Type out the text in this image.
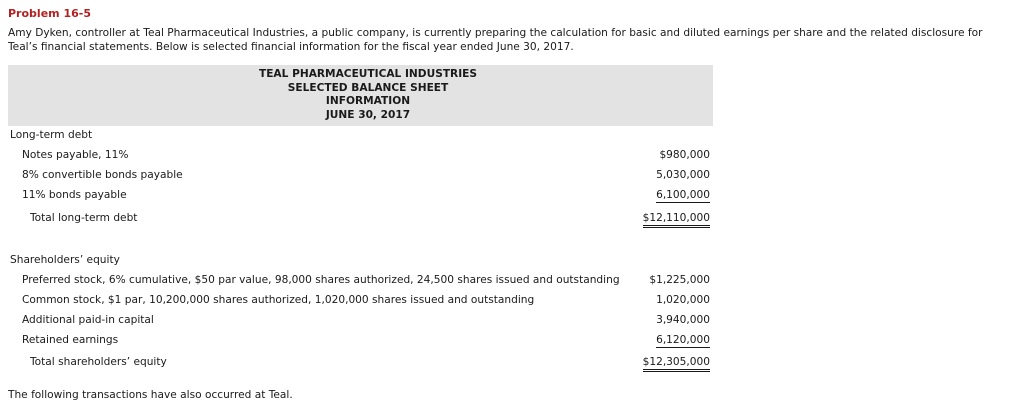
Problem 16-5
Amy Dyken, controller at Teal Pharmaceutical Industries, a public company, is currently preparing the calculation for basic and diluted earnings per share and the related disclosure for Teal’s financial statements. Below is selected financial information for the fiscal year ended June 30, 2017.
TEAL PHARMACEUTICAL INDUSTRIES
SELECTED BALANCE SHEET
INFORMATION
JUNE 30, 2017
Long-term debt
Notes payable, 11%	$980,000
8% convertible bonds payable	5,030,000
11% bonds payable	6,100,000
Total long-term debt	$12,110,000
Shareholders’ equity
Preferred stock, 6% cumulative, $50 par value, 98,000 shares authorized, 24,500 shares issued and outstanding	$1,225,000
Common stock, $1 par, 10,200,000 shares authorized, 1,020,000 shares issued and outstanding	1,020,000
Additional paid-in capital	3,940,000
Retained earnings	6,120,000
Total shareholders’ equity	$12,305,000
The following transactions have also occurred at Teal.
